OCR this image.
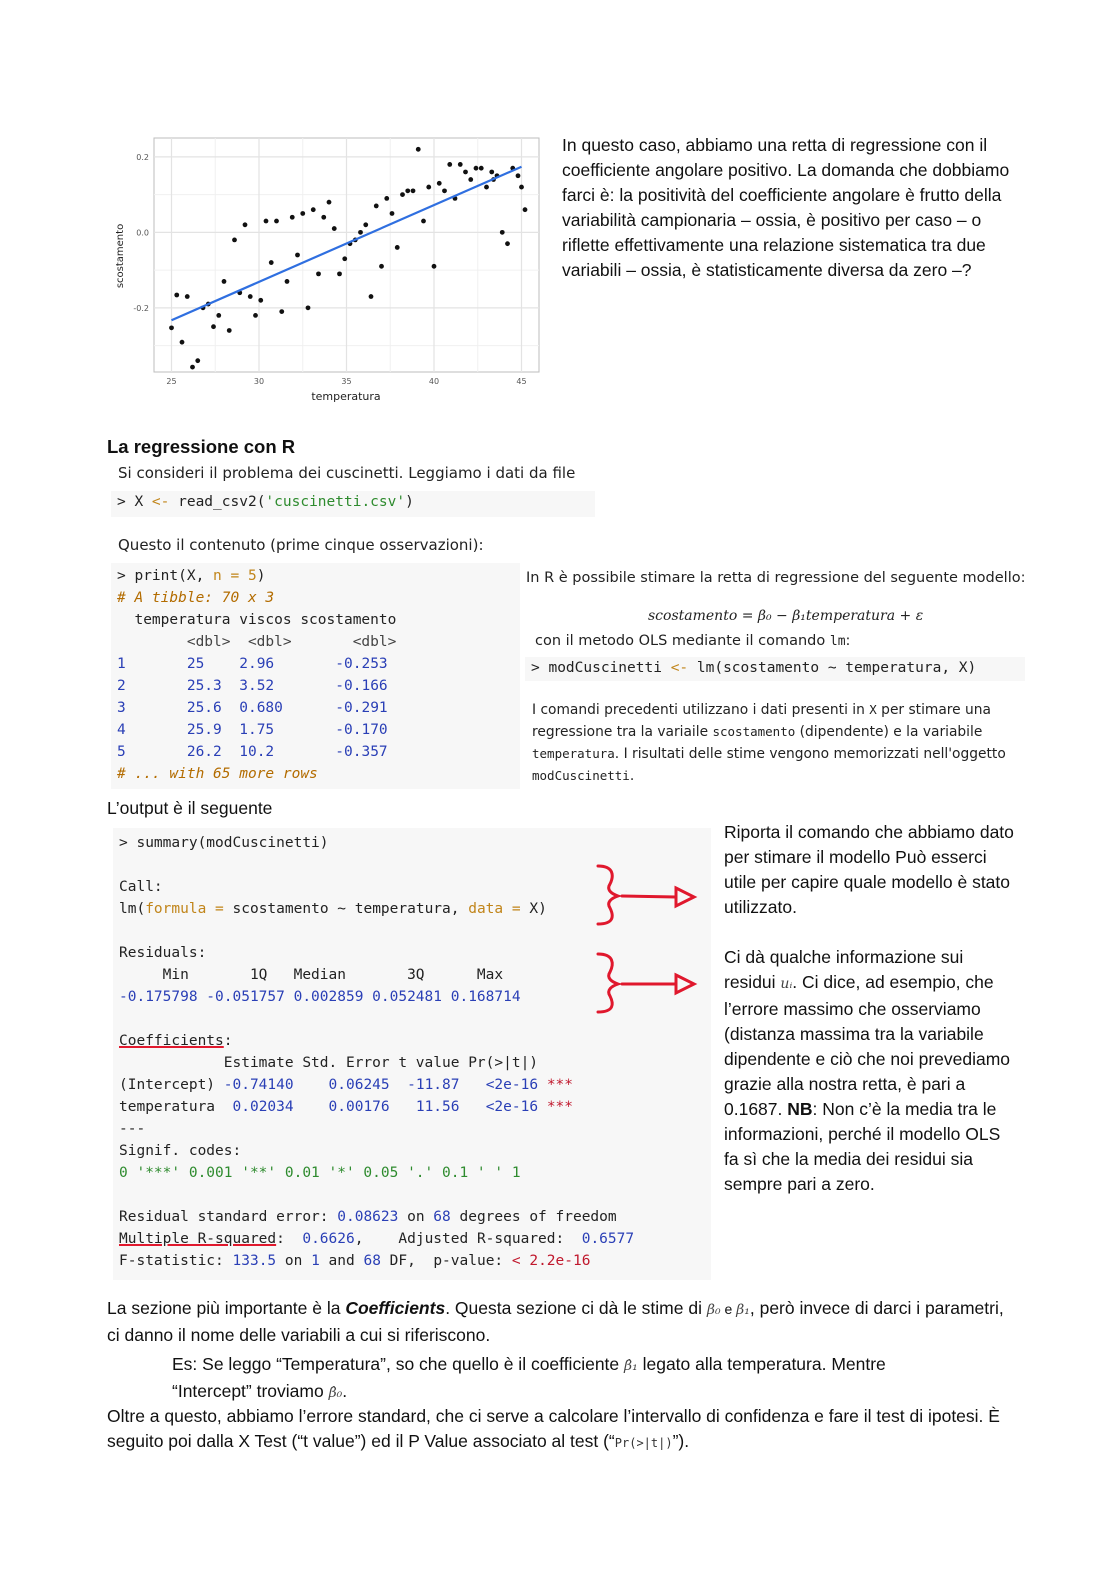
25	30	35	40	45
-0.2
0.0
0.2
temperatura
scostamento
In questo caso, abbiamo una retta di regressione con il coefficiente angolare positivo. La domanda che dobbiamo farci è: la positività del coefficiente angolare è frutto della variabilità campionaria – ossia, è positivo per caso – o riflette effettivamente una relazione sistematica tra due variabili – ossia, è statisticamente diversa da zero –?
La regressione con R
Si consideri il problema dei cuscinetti. Leggiamo i dati da file
> X <- read_csv2('cuscinetti.csv')
Questo il contenuto (prime cinque osservazioni):
> print(X, n = 5)
# A tibble: 70 x 3
temperatura viscos scostamento
<dbl>  <dbl>       <dbl>
1	25    2.96	-0.253
2	25.3 3.52	-0.166
3	25.6 0.680	-0.291
4	25.9 1.75	-0.170
5	26.2 10.2	-0.357
# ... with 65 more rows
In R è possibile stimare la retta di regressione del seguente modello:
scostamento = β₀ − β₁temperatura + ε
con il metodo OLS mediante il comando lm:
> modCuscinetti <- lm(scostamento ~ temperatura, X)
I comandi precedenti utilizzano i dati presenti in X per stimare una
regressione tra la variaile scostamento (dipendente) e la variabile
temperatura. I risultati delle stime vengono memorizzati nell'oggetto
modCuscinetti.
L’output è il seguente
> summary(modCuscinetti)

Call:
lm(formula = scostamento ~ temperatura, data = X)

Residuals:
Min       1Q   Median       3Q      Max
-0.175798 -0.051757 0.002859 0.052481 0.168714

Coefficients:
Estimate Std. Error t value Pr(>|t|)
(Intercept) -0.74140 0.06245 -11.87 <2e-16 ***
temperatura  0.02034 0.00176 11.56 <2e-16 ***
---
Signif. codes:
0 '***' 0.001 '**' 0.01 '*' 0.05 '.' 0.1 ' ' 1

Residual standard error: 0.08623 on 68 degrees of freedom
Multiple R-squared:  0.6626,    Adjusted R-squared:  0.6577
F-statistic: 133.5 on 1 and 68 DF,  p-value: < 2.2e-16
Riporta il comando che abbiamo dato per stimare il modello Può esserci utile per capire quale modello è stato utilizzato.
Ci dà qualche informazione sui residui uᵢ. Ci dice, ad esempio, che l’errore massimo che osserviamo (distanza massima tra la variabile dipendente e ciò che noi prevediamo grazie alla nostra retta, è pari a 0.1687. NB: Non c’è la media tra le informazioni, perché il modello OLS fa sì che la media dei residui sia sempre pari a zero.
La sezione più importante è la Coefficients. Questa sezione ci dà le stime di β₀ e β₁, però invece di darci i parametri, ci danno il nome delle variabili a cui si riferiscono.
Es: Se leggo “Temperatura”, so che quello è il coefficiente β̂₁ legato alla temperatura. Mentre
“Intercept” troviamo β̂₀.
Oltre a questo, abbiamo l’errore standard, che ci serve a calcolare l’intervallo di confidenza e fare il test di ipotesi. È seguito poi dalla X Test (“t value”) ed il P Value associato al test (“Pr(>|t|)”).
